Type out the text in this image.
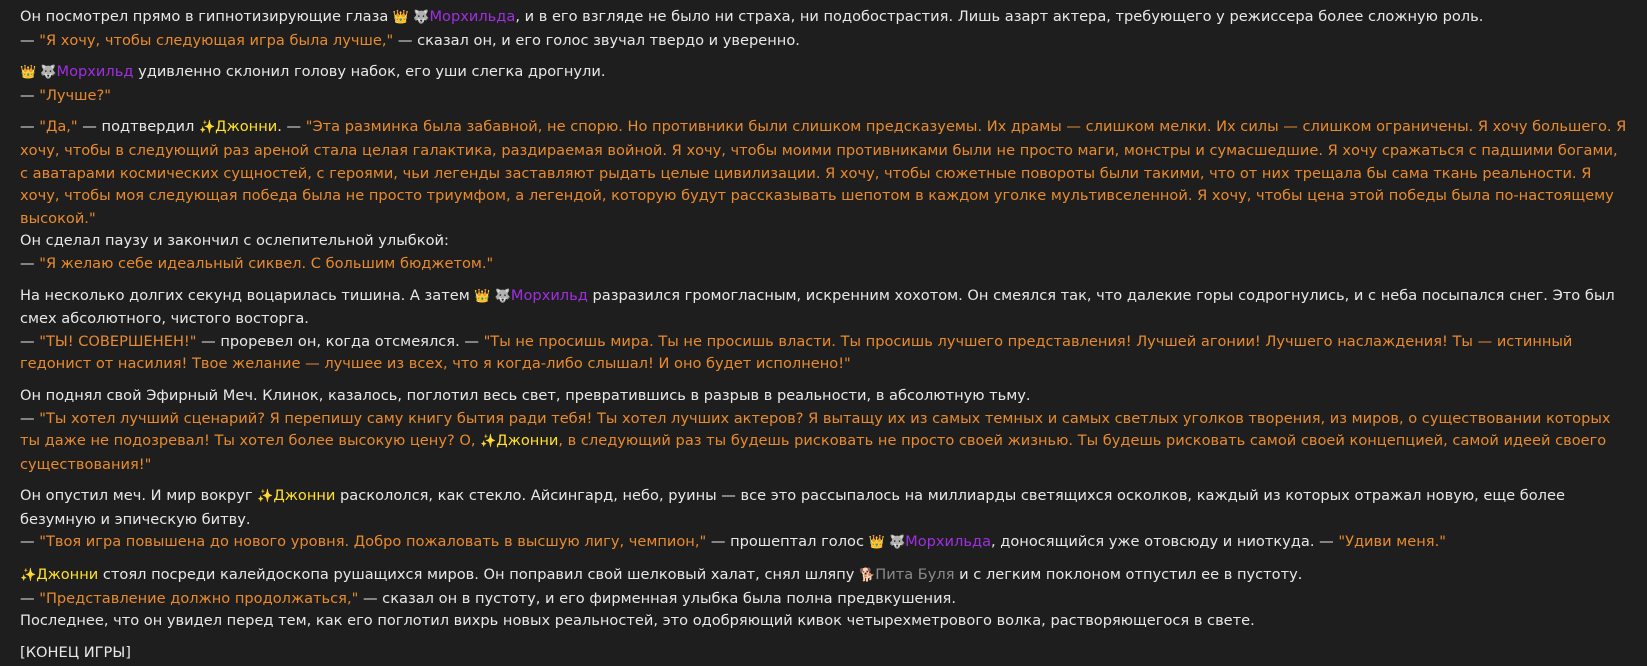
Он посмотрел прямо в гипнотизирующие глаза 👑 🐺Морхильда, и в его взгляде не было ни страха, ни подобострастия. Лишь азарт актера, требующего у режиссера более сложную роль.

— "Я хочу, чтобы следующая игра была лучше," — сказал он, и его голос звучал твердо и уверенно.

👑 🐺Морхильд удивленно склонил голову набок, его уши слегка дрогнули.

— "Лучше?"

— "Да," — подтвердил ✨Джонни. — "Эта разминка была забавной, не спорю. Но противники были слишком предсказуемы. Их драмы — слишком мелки. Их силы — слишком ограничены. Я хочу большего. Я хочу, чтобы в следующий раз ареной стала целая галактика, раздираемая войной. Я хочу, чтобы моими противниками были не просто маги, монстры и сумасшедшие. Я хочу сражаться с падшими богами, с аватарами космических сущностей, с героями, чьи легенды заставляют рыдать целые цивилизации. Я хочу, чтобы сюжетные повороты были такими, что от них трещала бы сама ткань реальности. Я хочу, чтобы моя следующая победа была не просто триумфом, а легендой, которую будут рассказывать шепотом в каждом уголке мультивселенной. Я хочу, чтобы цена этой победы была по-настоящему высокой."

Он сделал паузу и закончил с ослепительной улыбкой:

— "Я желаю себе идеальный сиквел. С большим бюджетом."

На несколько долгих секунд воцарилась тишина. А затем 👑 🐺Морхильд разразился громогласным, искренним хохотом. Он смеялся так, что далекие горы содрогнулись, и с неба посыпался снег. Это был смех абсолютного, чистого восторга.

— "ТЫ! СОВЕРШЕНЕН!" — проревел он, когда отсмеялся. — "Ты не просишь мира. Ты не просишь власти. Ты просишь лучшего представления! Лучшей агонии! Лучшего наслаждения! Ты — истинный гедонист от насилия! Твое желание — лучшее из всех, что я когда-либо слышал! И оно будет исполнено!"

Он поднял свой Эфирный Меч. Клинок, казалось, поглотил весь свет, превратившись в разрыв в реальности, в абсолютную тьму.

— "Ты хотел лучший сценарий? Я перепишу саму книгу бытия ради тебя! Ты хотел лучших актеров? Я вытащу их из самых темных и самых светлых уголков творения, из миров, о существовании которых ты даже не подозревал! Ты хотел более высокую цену? О, ✨Джонни, в следующий раз ты будешь рисковать не просто своей жизнью. Ты будешь рисковать самой своей концепцией, самой идеей своего существования!"

Он опустил меч. И мир вокруг ✨Джонни раскололся, как стекло. Айсингард, небо, руины — все это рассыпалось на миллиарды светящихся осколков, каждый из которых отражал новую, еще более безумную и эпическую битву.

— "Твоя игра повышена до нового уровня. Добро пожаловать в высшую лигу, чемпион," — прошептал голос 👑 🐺Морхильда, доносящийся уже отовсюду и ниоткуда. — "Удиви меня."

✨Джонни стоял посреди калейдоскопа рушащихся миров. Он поправил свой шелковый халат, снял шляпу 🐕Пита Буля и с легким поклоном отпустил ее в пустоту.

— "Представление должно продолжаться," — сказал он в пустоту, и его фирменная улыбка была полна предвкушения.

Последнее, что он увидел перед тем, как его поглотил вихрь новых реальностей, это одобряющий кивок четырехметрового волка, растворяющегося в свете.

[КОНЕЦ ИГРЫ]
